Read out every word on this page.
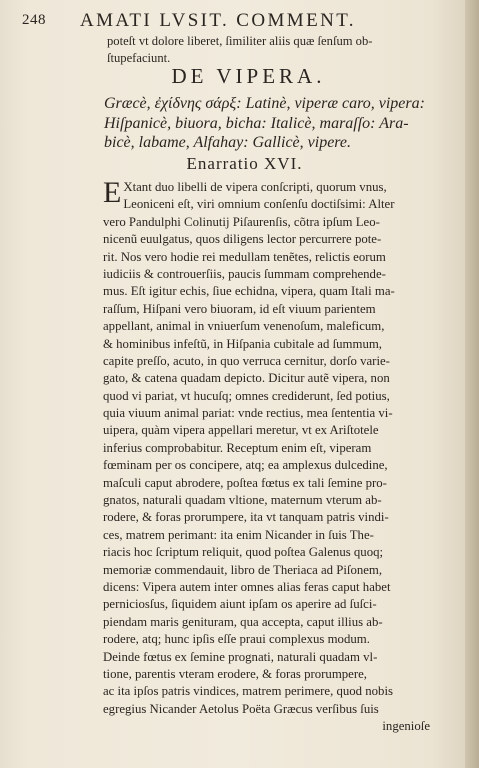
248 AMATI LVSIT. COMMENT.
poteſt vt dolore liberet, ſimiliter aliis quæ ſenſum ob-
ſtupefaciunt.
DE VIPERA.
Græcè, ἐχίδνης σάρξ: Latinè, viperæ caro, vipera:
Hiſpanicè, biuora, bicha: Italicè, maraſſo: Ara-
bicè, labame, Alfahay: Gallicè, vipere.
Enarratio XVI.
E Xtant duo libelli de vipera conſcripti, quorum vnus,
Leoniceni eſt, viri omnium conſenſu doctiſsimi: Alter
vero Pandulphi Colinutij Piſaurenſis, cõtra ipſum Leo-
nicenũ euulgatus, quos diligens lector percurrere pote-
rit. Nos vero hodie rei medullam tenẽtes, relictis eorum
iudiciis & controuerſiis, paucis ſummam comprehende-
mus. Eſt igitur echis, ſiue echidna, vipera, quam Itali ma-
raſſum, Hiſpani vero biuoram, id eſt viuum parientem
appellant, animal in vniuerſum venenoſum, maleficum,
& hominibus infeſtũ, in Hiſpania cubitale ad ſummum,
capite preſſo, acuto, in quo verruca cernitur, dorſo varie-
gato, & catena quadam depicto. Dicitur autẽ vipera, non
quod vi pariat, vt hucuſq; omnes crediderunt, ſed potius,
quia viuum animal pariat: vnde rectius, mea ſententia vi-
uipera, quàm vipera appellari meretur, vt ex Ariſtotele
inferius comprobabitur. Receptum enim eſt, viperam
fœminam per os concipere, atq; ea amplexus dulcedine,
maſculi caput abrodere, poſtea fœtus ex tali ſemine pro-
gnatos, naturali quadam vltione, maternum vterum ab-
rodere, & foras prorumpere, ita vt tanquam patris vindi-
ces, matrem perimant: ita enim Nicander in ſuis The-
riacis hoc ſcriptum reliquit, quod poſtea Galenus quoq;
memoriæ commendauit, libro de Theriaca ad Piſonem,
dicens: Vipera autem inter omnes alias feras caput habet
perniciosſus, ſiquidem aiunt ipſam os aperire ad ſuſci-
piendam maris genituram, qua accepta, caput illius ab-
rodere, atq; hunc ipſis eſſe praui complexus modum.
Deinde fœtus ex ſemine prognati, naturali quadam vl-
tione, parentis vteram erodere, & foras prorumpere,
ac ita ipſos patris vindices, matrem perimere, quod nobis
egregius Nicander Aetolus Poëta Græcus verſibus ſuis
ingenioſe
